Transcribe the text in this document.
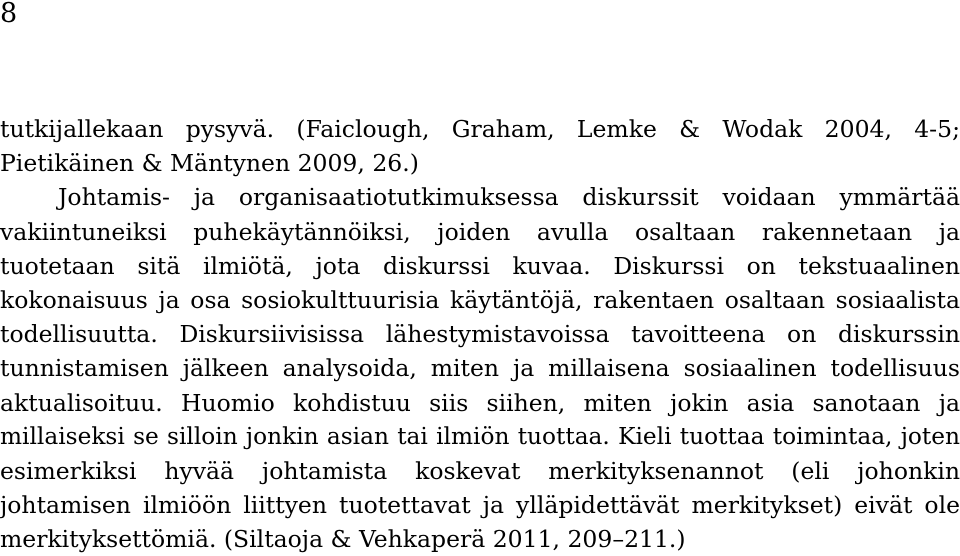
8
tutkijallekaan pysyvä. (Faiclough, Graham, Lemke & Wodak 2004, 4-5;
Pietikäinen & Mäntynen 2009, 26.)
Johtamis- ja organisaatiotutkimuksessa diskurssit voidaan ymmärtää
vakiintuneiksi puhekäytännöiksi, joiden avulla osaltaan rakennetaan ja
tuotetaan sitä ilmiötä, jota diskurssi kuvaa. Diskurssi on tekstuaalinen
kokonaisuus ja osa sosiokulttuurisia käytäntöjä, rakentaen osaltaan sosiaalista
todellisuutta. Diskursiivisissa lähestymistavoissa tavoitteena on diskurssin
tunnistamisen jälkeen analysoida, miten ja millaisena sosiaalinen todellisuus
aktualisoituu. Huomio kohdistuu siis siihen, miten jokin asia sanotaan ja
millaiseksi se silloin jonkin asian tai ilmiön tuottaa. Kieli tuottaa toimintaa, joten
esimerkiksi hyvää johtamista koskevat merkityksenannot (eli johonkin
johtamisen ilmiöön liittyen tuotettavat ja ylläpidettävät merkitykset) eivät ole
merkityksettömiä. (Siltaoja & Vehkaperä 2011, 209–211.)
